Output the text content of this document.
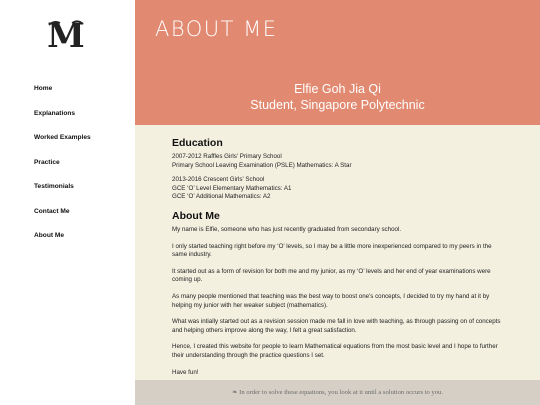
M
Home
Explanations
Worked Examples
Practice
Testimonials
Contact Me
About Me
ABOUT ME
Elfie Goh Jia Qi
Student, Singapore Polytechnic
Education

2007-2012 Raffles Girls' Primary School

Primary School Leaving Examination (PSLE) Mathematics: A Star

2013-2016 Crescent Girls' School

GCE ‘O’ Level Elementary Mathematics: A1

GCE ‘O’ Additional Mathematics: A2

About Me

My name is Elfie, someone who has just recently graduated from secondary school.

I only started teaching right before my ‘O’ levels, so I may be a little more inexperienced compared to my peers in the same industry.

It started out as a form of revision for both me and my junior, as my ‘O’ levels and her end of year examinations were coming up.

As many people mentioned that teaching was the best way to boost one's concepts, I decided to try my hand at it by helping my junior with her weaker subject (mathematics).

What was intially started out as a revision session made me fall in love with teaching, as through passing on of concepts and helping others improve along the way, I felt a great satisfaction.

Hence, I created this website for people to learn Mathematical equations from the most basic level and I hope to further their understanding through the practice questions I set.

Have fun!

❧ In order to solve these equations, you look at it until a solution occurs to you.
